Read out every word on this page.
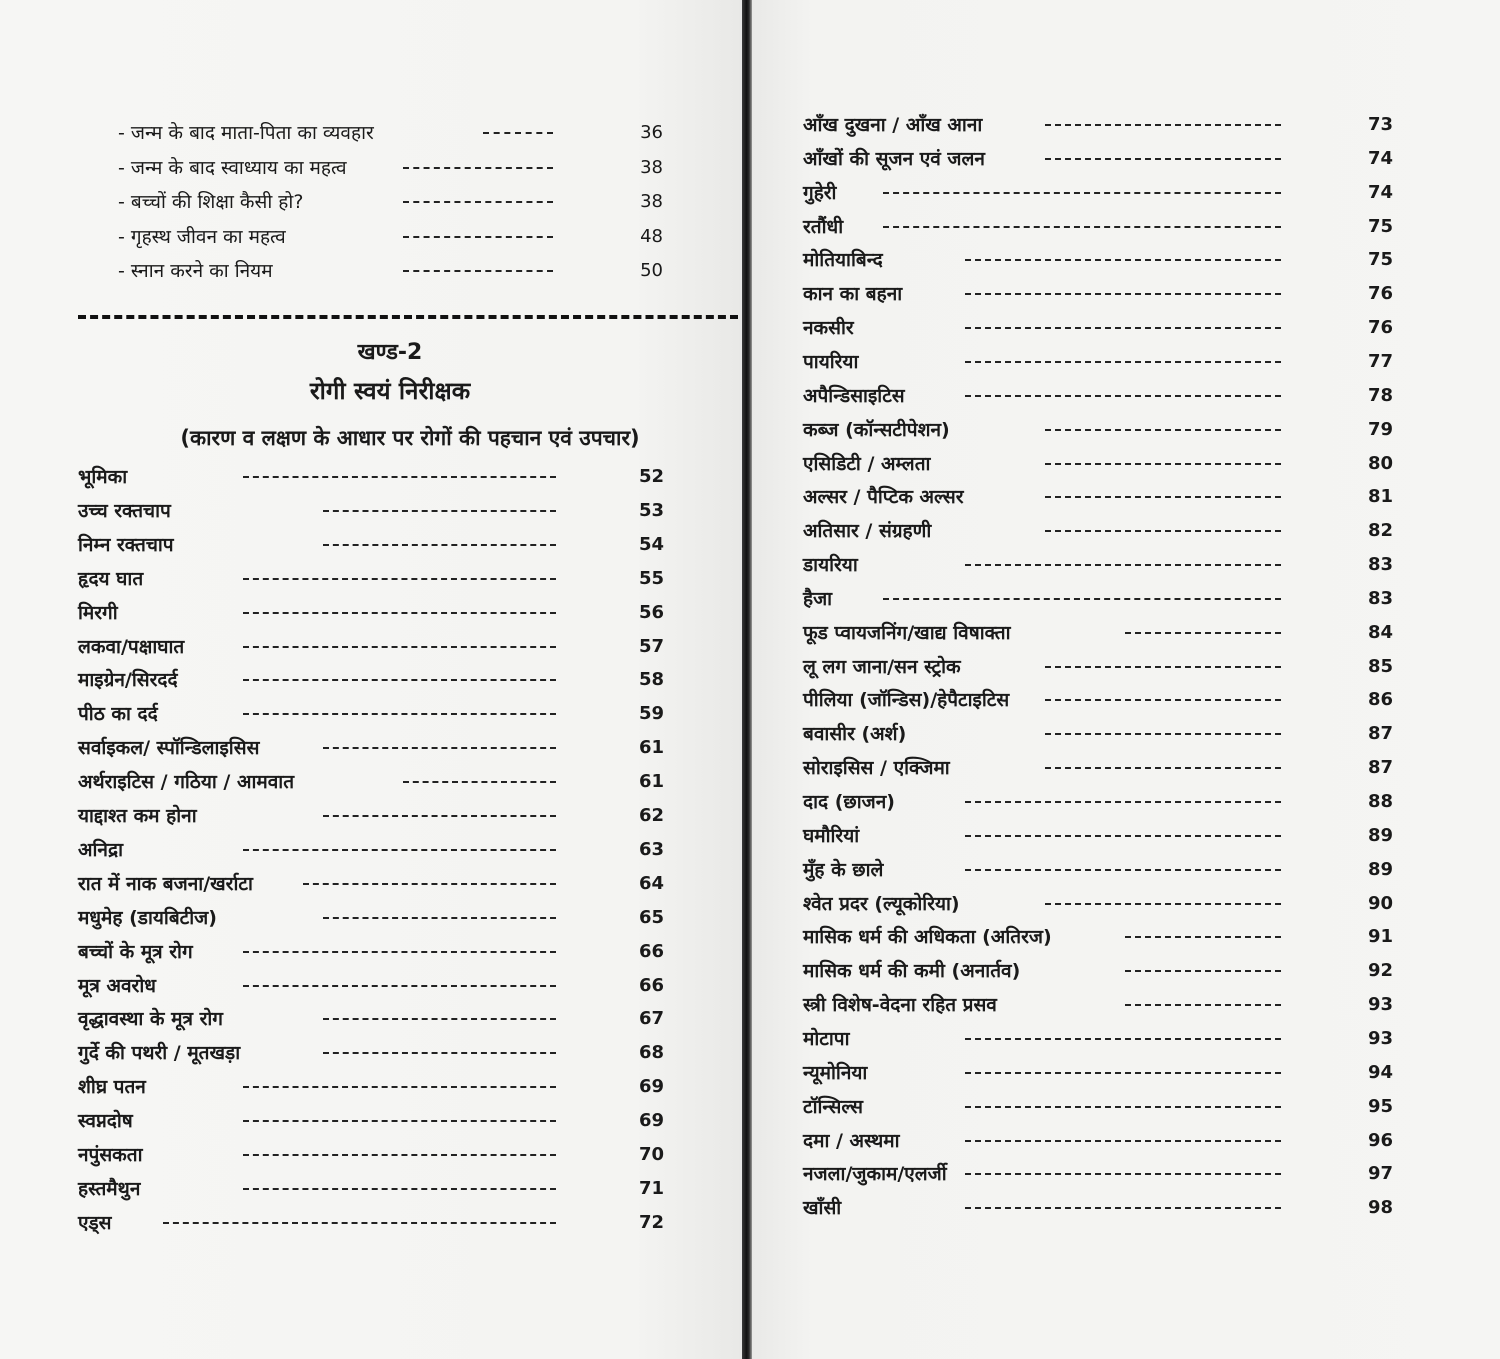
- जन्म के बाद माता-पिता का व्यवहार	36
- जन्म के बाद स्वाध्याय का महत्व	38
- बच्चों की शिक्षा कैसी हो?	38
- गृहस्थ जीवन का महत्व	48
- स्नान करने का नियम	50
खण्ड-2
रोगी स्वयं निरीक्षक
(कारण व लक्षण के आधार पर रोगों की पहचान एवं उपचार)
भूमिका	52
उच्च रक्तचाप	53
निम्न रक्तचाप	54
हृदय घात	55
मिरगी	56
लकवा/पक्षाघात	57
माइग्रेन/सिरदर्द	58
पीठ का दर्द	59
सर्वाइकल/ स्पॉन्डिलाइसिस	61
अर्थराइटिस / गठिया / आमवात	61
याद्दाश्त कम होना	62
अनिद्रा	63
रात में नाक बजना/खर्राटा	64
मधुमेह (डायबिटीज)	65
बच्चों के मूत्र रोग	66
मूत्र अवरोध	66
वृद्धावस्था के मूत्र रोग	67
गुर्दे की पथरी / मूतखड़ा	68
शीघ्र पतन	69
स्वप्नदोष	69
नपुंसकता	70
हस्तमैथुन	71
एड्स	72
आँख दुखना / आँख आना	73
आँखों की सूजन एवं जलन	74
गुहेरी	74
रतौंधी	75
मोतियाबिन्द	75
कान का बहना	76
नकसीर	76
पायरिया	77
अपैन्डिसाइटिस	78
कब्ज (कॉन्सटीपेशन)	79
एसिडिटी / अम्लता	80
अल्सर / पैप्टिक अल्सर	81
अतिसार / संग्रहणी	82
डायरिया	83
हैजा	83
फूड प्वायजनिंग/खाद्य विषाक्ता	84
लू लग जाना/सन स्ट्रोक	85
पीलिया (जॉन्डिस)/हेपैटाइटिस	86
बवासीर (अर्श)	87
सोराइसिस / एक्जिमा	87
दाद (छाजन)	88
घमौरियां	89
मुँह के छाले	89
श्वेत प्रदर (ल्यूकोरिया)	90
मासिक धर्म की अधिकता (अतिरज)	91
मासिक धर्म की कमी (अनार्तव)	92
स्त्री विशेष-वेदना रहित प्रसव	93
मोटापा	93
न्यूमोनिया	94
टॉन्सिल्स	95
दमा / अस्थमा	96
नजला/जुकाम/एलर्जी	97
खाँसी	98
